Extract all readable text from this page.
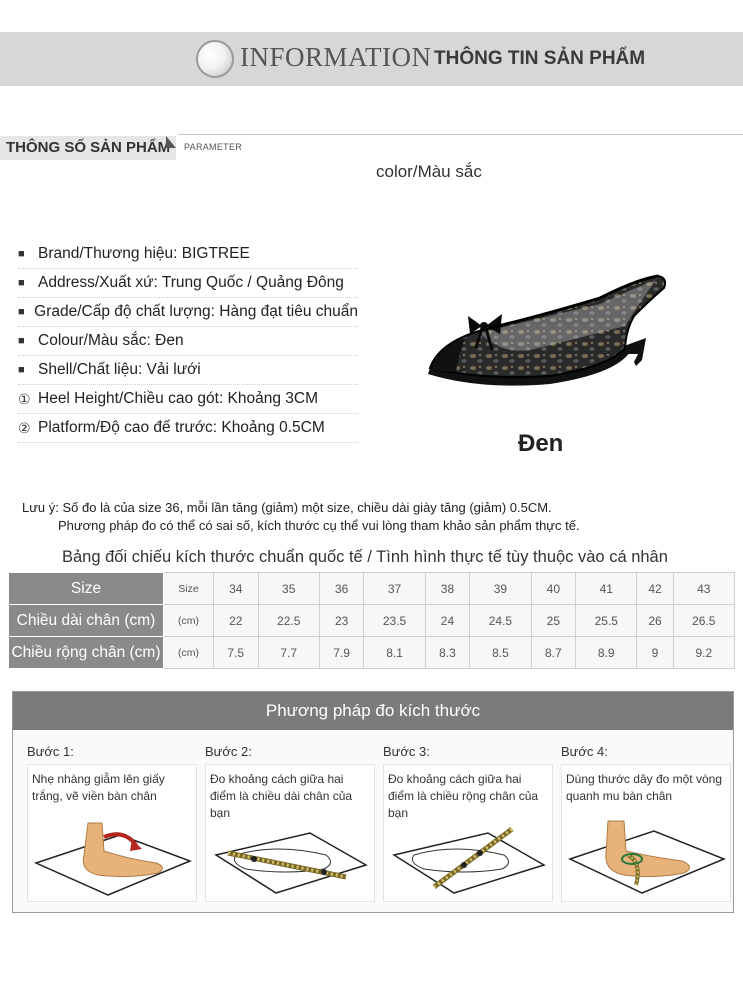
INFORMATION THÔNG TIN SẢN PHẨM
THÔNG SỐ SẢN PHẨM	PARAMETER
color/Màu sắc
■ Brand/Thương hiệu: BIGTREE
■ Address/Xuất xứ: Trung Quốc / Quảng Đông
■ Grade/Cấp độ chất lượng: Hàng đạt tiêu chuẩn
■ Colour/Màu sắc: Đen
■ Shell/Chất liệu: Vải lưới
① Heel Height/Chiều cao gót: Khoảng 3CM
② Platform/Độ cao đế trước: Khoảng 0.5CM
Đen
Lưu ý: Số đo là của size 36, mỗi lần tăng (giảm) một size, chiều dài giày tăng (giảm) 0.5CM.
Phương pháp đo có thể có sai số, kích thước cụ thể vui lòng tham khảo sản phẩm thực tế.
Bảng đối chiếu kích thước chuẩn quốc tế / Tình hình thực tế tùy thuộc vào cá nhân
Size	Size	34	35	36	37	38	39	40	41	42	43
Chiều dài chân (cm)	(cm)	22	22.5	23	23.5	24	24.5	25	25.5	26	26.5
Chiều rộng chân (cm)	(cm)	7.5	7.7	7.9	8.1	8.3	8.5	8.7	8.9	9	9.2
Phương pháp đo kích thước
Bước 1:
Nhẹ nhàng giẫm lên giấy trắng, vẽ viền bàn chân
Bước 2:
Đo khoảng cách giữa hai điểm là chiều dài chân của bạn
Bước 3:
Đo khoảng cách giữa hai điểm là chiều rộng chân của bạn
Bước 4:
Dùng thước dây đo một vòng quanh mu bàn chân
